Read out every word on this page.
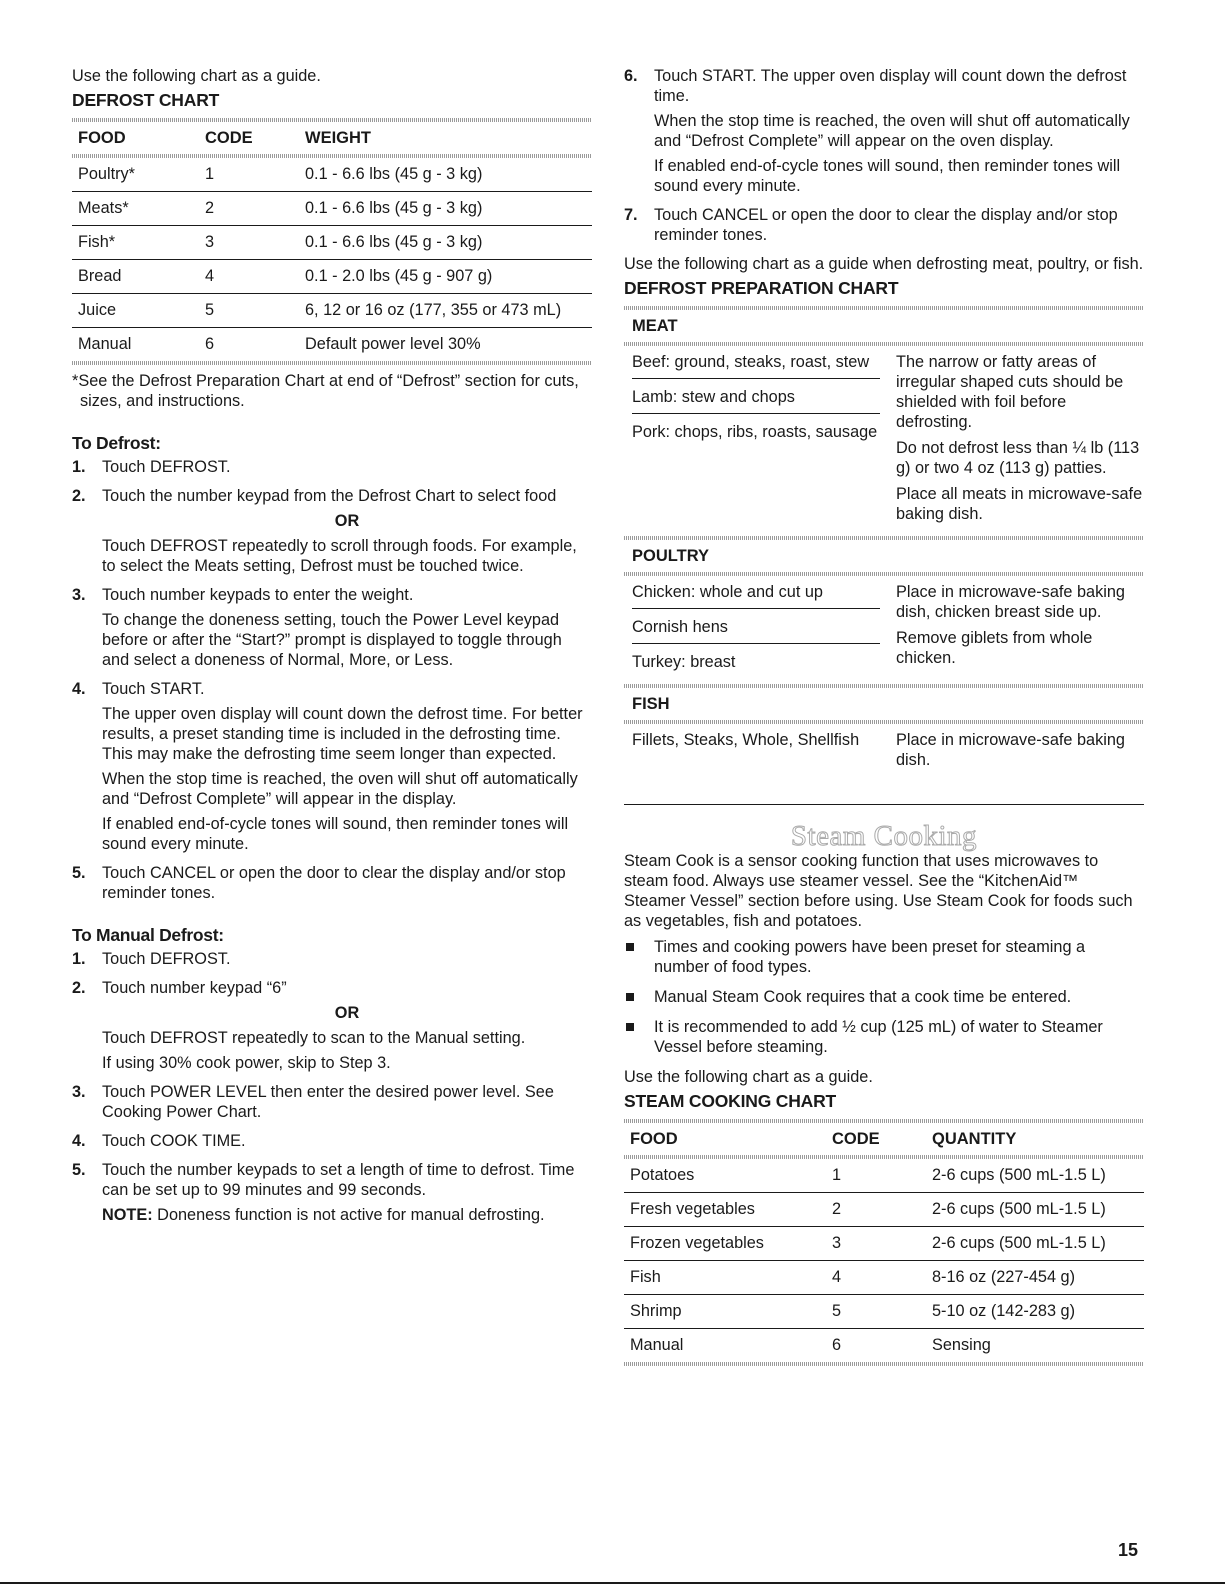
Use the following chart as a guide.

DEFROST CHART
FOOD	CODE	WEIGHT

Poultry*	1	0.1 - 6.6 lbs (45 g - 3 kg)
Meats*	2	0.1 - 6.6 lbs (45 g - 3 kg)
Fish*	3	0.1 - 6.6 lbs (45 g - 3 kg)
Bread	4	0.1 - 2.0 lbs (45 g - 907 g)
Juice	5	6, 12 or 16 oz (177, 355 or 473 mL)
Manual	6	Default power level 30%

*See the Defrost Preparation Chart at end of “Defrost” section for cuts, sizes, and instructions.

To Defrost:
1. Touch DEFROST.

2. Touch the number keypad from the Defrost Chart to select food

OR

Touch DEFROST repeatedly to scroll through foods. For example, to select the Meats setting, Defrost must be touched twice.

3. Touch number keypads to enter the weight.

To change the doneness setting, touch the Power Level keypad before or after the “Start?” prompt is displayed to toggle through and select a doneness of Normal, More, or Less.

4. Touch START.

The upper oven display will count down the defrost time. For better results, a preset standing time is included in the defrosting time. This may make the defrosting time seem longer than expected.

When the stop time is reached, the oven will shut off automatically and “Defrost Complete” will appear in the display.

If enabled end-of-cycle tones will sound, then reminder tones will sound every minute.

5. Touch CANCEL or open the door to clear the display and/or stop reminder tones.

To Manual Defrost:
1. Touch DEFROST.

2. Touch number keypad “6”

OR

Touch DEFROST repeatedly to scan to the Manual setting.

If using 30% cook power, skip to Step 3.

3. Touch POWER LEVEL then enter the desired power level. See Cooking Power Chart.

4. Touch COOK TIME.

5. Touch the number keypads to set a length of time to defrost. Time can be set up to 99 minutes and 99 seconds.

NOTE: Doneness function is not active for manual defrosting.

6. Touch START. The upper oven display will count down the defrost time.

When the stop time is reached, the oven will shut off automatically and “Defrost Complete” will appear on the oven display.

If enabled end-of-cycle tones will sound, then reminder tones will sound every minute.

7. Touch CANCEL or open the door to clear the display and/or stop reminder tones.

Use the following chart as a guide when defrosting meat, poultry, or fish.

DEFROST PREPARATION CHART
MEAT
Beef: ground, steaks, roast, stew
Lamb: stew and chops
Pork: chops, ribs, roasts, sausage

The narrow or fatty areas of irregular shaped cuts should be shielded with foil before defrosting.

Do not defrost less than ¼ lb (113 g) or two 4 oz (113 g) patties.

Place all meats in microwave-safe baking dish.

POULTRY
Chicken: whole and cut up
Cornish hens
Turkey: breast

Place in microwave-safe baking dish, chicken breast side up.

Remove giblets from whole chicken.

FISH
Fillets, Steaks, Whole, Shellfish	Place in microwave-safe baking dish.

Steam Cooking

Steam Cook is a sensor cooking function that uses microwaves to steam food. Always use steamer vessel. See the “KitchenAid™ Steamer Vessel” section before using. Use Steam Cook for foods such as vegetables, fish and potatoes.

Times and cooking powers have been preset for steaming a number of food types.
Manual Steam Cook requires that a cook time be entered.
It is recommended to add ½ cup (125 mL) of water to Steamer Vessel before steaming.

Use the following chart as a guide.

STEAM COOKING CHART
FOOD	CODE	QUANTITY

Potatoes	1	2-6 cups (500 mL-1.5 L)
Fresh vegetables	2	2-6 cups (500 mL-1.5 L)
Frozen vegetables	3	2-6 cups (500 mL-1.5 L)
Fish	4	8-16 oz (227-454 g)
Shrimp	5	5-10 oz (142-283 g)
Manual	6	Sensing
15
